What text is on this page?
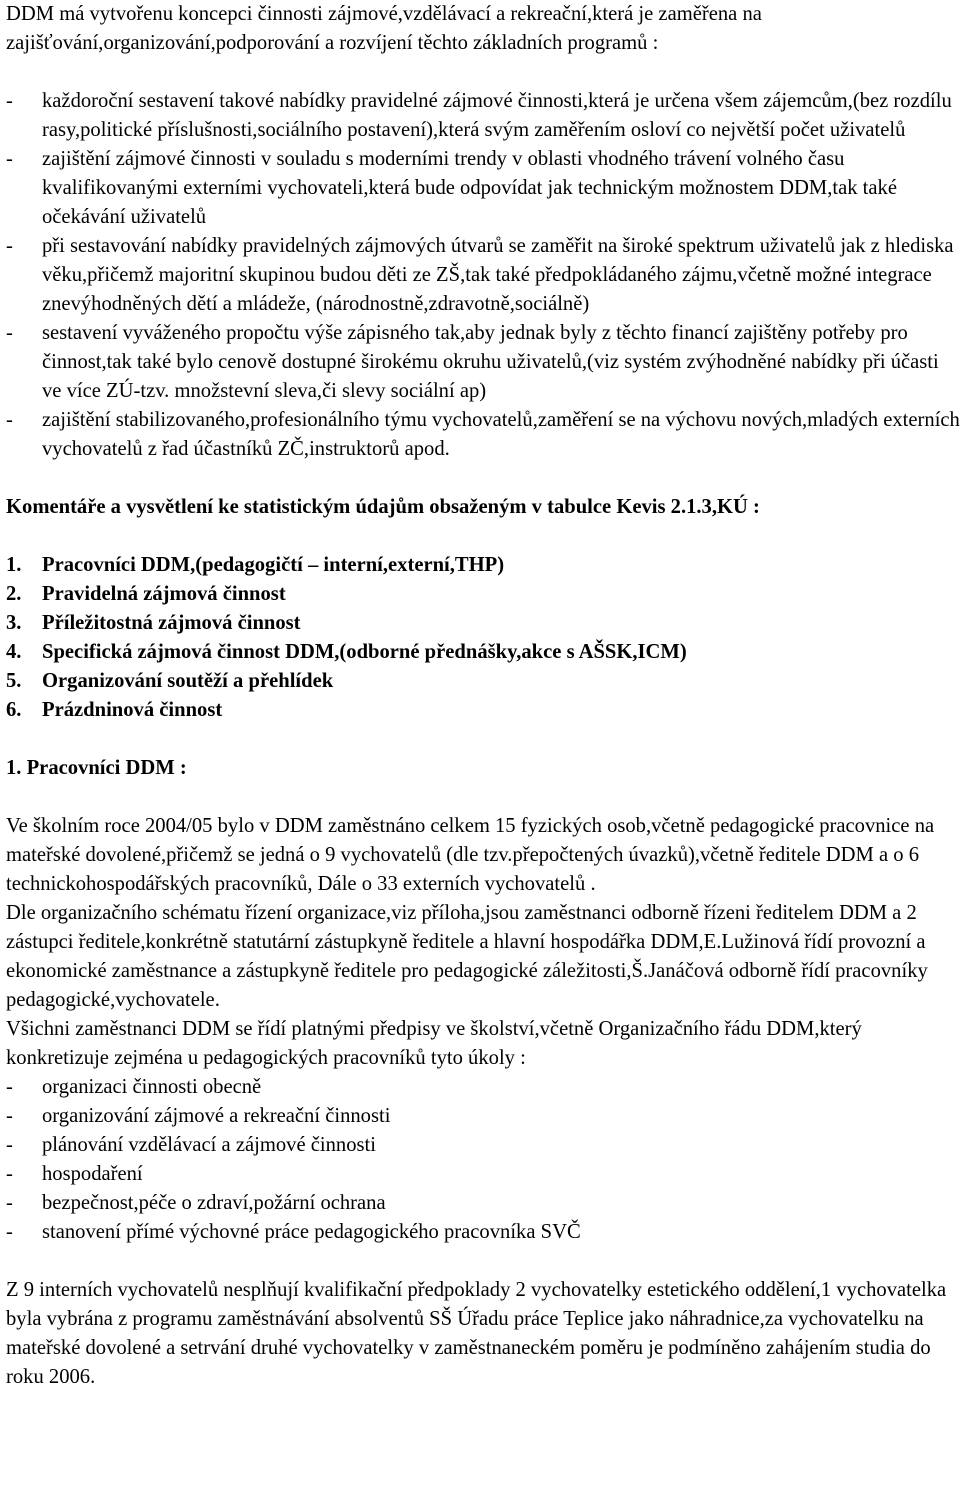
DDM má vytvořenu koncepci činnosti zájmové,vzdělávací a rekreační,která je zaměřena na zajišťování,organizování,podporování a rozvíjení těchto základních programů :

- každoroční sestavení takové nabídky pravidelné zájmové činnosti,která je určena všem zájemcům,(bez rozdílu rasy,politické příslušnosti,sociálního postavení),která svým zaměřením osloví co největší počet uživatelů
- zajištění zájmové činnosti v souladu s moderními trendy v oblasti vhodného trávení volného času kvalifikovanými externími vychovateli,která bude odpovídat jak technickým možnostem DDM,tak také očekávání uživatelů
- při sestavování nabídky pravidelných zájmových útvarů se zaměřit na široké spektrum uživatelů jak z hlediska věku,přičemž majoritní skupinou budou děti ze ZŠ,tak také předpokládaného zájmu,včetně možné integrace znevýhodněných dětí a mládeže, (národnostně,zdravotně,sociálně)
- sestavení vyváženého propočtu výše zápisného tak,aby jednak byly z těchto financí zajištěny potřeby pro činnost,tak také bylo cenově dostupné širokému okruhu uživatelů,(viz systém zvýhodněné nabídky při účasti ve více ZÚ-tzv. množstevní sleva,či slevy sociální ap)
- zajištění stabilizovaného,profesionálního týmu vychovatelů,zaměření se na výchovu nových,mladých externích vychovatelů z řad účastníků ZČ,instruktorů apod.

Komentáře a vysvětlení ke statistickým údajům obsaženým v tabulce Kevis 2.1.3,KÚ :

1. Pracovníci DDM,(pedagogičtí – interní,externí,THP)
2. Pravidelná zájmová činnost
3. Příležitostná zájmová činnost
4. Specifická zájmová činnost DDM,(odborné přednášky,akce s AŠSK,ICM)
5. Organizování soutěží a přehlídek
6. Prázdninová činnost

1. Pracovníci DDM :

Ve školním roce 2004/05 bylo v DDM zaměstnáno celkem 15 fyzických osob,včetně pedagogické pracovnice na mateřské dovolené,přičemž se jedná o 9 vychovatelů (dle tzv.přepočtených úvazků),včetně ředitele DDM a o 6 technickohospodářských pracovníků, Dále o 33 externích vychovatelů .

Dle organizačního schématu řízení organizace,viz příloha,jsou zaměstnanci odborně řízeni ředitelem DDM a 2 zástupci ředitele,konkrétně statutární zástupkyně ředitele a hlavní hospodářka DDM,E.Lužinová řídí provozní a ekonomické zaměstnance a zástupkyně ředitele pro pedagogické záležitosti,Š.Janáčová odborně řídí pracovníky pedagogické,vychovatele.

Všichni zaměstnanci DDM se řídí platnými předpisy ve školství,včetně Organizačního řádu DDM,který konkretizuje zejména u pedagogických pracovníků tyto úkoly :

- organizaci činnosti obecně
- organizování zájmové a rekreační činnosti
- plánování vzdělávací a zájmové činnosti
- hospodaření
- bezpečnost,péče o zdraví,požární ochrana
- stanovení přímé výchovné práce pedagogického pracovníka SVČ

Z 9 interních vychovatelů nesplňují kvalifikační předpoklady 2 vychovatelky estetického oddělení,1 vychovatelka byla vybrána z programu zaměstnávání absolventů SŠ Úřadu práce Teplice jako náhradnice,za vychovatelku na mateřské dovolené a setrvání druhé vychovatelky v zaměstnaneckém poměru je podmíněno zahájením studia do roku 2006.
